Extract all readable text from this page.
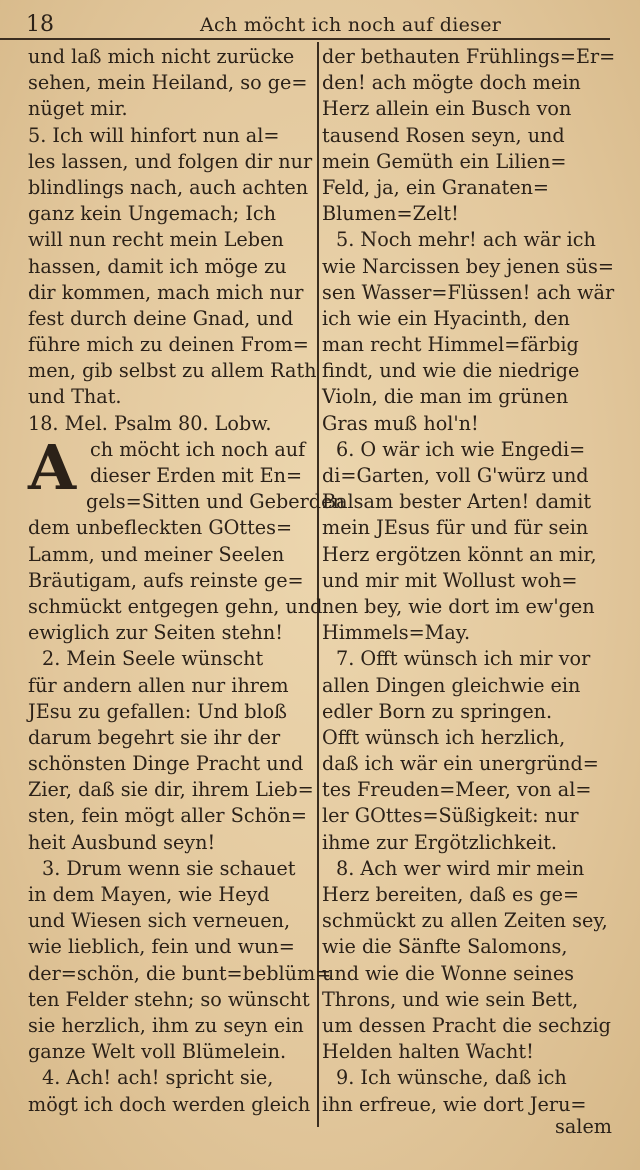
18	Ach möcht ich noch auf dieser
und laß mich nicht zurücke
sehen, mein Heiland, so ge=
nüget mir.
5. Ich will hinfort nun al=
les lassen, und folgen dir nur
blindlings nach, auch achten
ganz kein Ungemach; Ich
will nun recht mein Leben
hassen, damit ich möge zu
dir kommen, mach mich nur
fest durch deine Gnad, und
führe mich zu deinen From=
men, gib selbst zu allem Rath
und That.
18. Mel. Psalm 80. Lobw.
A ch möcht ich noch auf
dieser Erden mit En=
gels=Sitten und Geberden
dem unbefleckten GOttes=
Lamm, und meiner Seelen
Bräutigam, aufs reinste ge=
schmückt entgegen gehn, und
ewiglich zur Seiten stehn!
2. Mein Seele wünscht
für andern allen nur ihrem
JEsu zu gefallen: Und bloß
darum begehrt sie ihr der
schönsten Dinge Pracht und
Zier, daß sie dir, ihrem Lieb=
sten, fein mögt aller Schön=
heit Ausbund seyn!
3. Drum wenn sie schauet
in dem Mayen, wie Heyd
und Wiesen sich verneuen,
wie lieblich, fein und wun=
der=schön, die bunt=beblüm=
ten Felder stehn; so wünscht
sie herzlich, ihm zu seyn ein
ganze Welt voll Blümelein.
4. Ach! ach! spricht sie,
mögt ich doch werden gleich
der bethauten Frühlings=Er=
den! ach mögte doch mein
Herz allein ein Busch von
tausend Rosen seyn, und
mein Gemüth ein Lilien=
Feld, ja, ein Granaten=
Blumen=Zelt!
5. Noch mehr! ach wär ich
wie Narcissen bey jenen süs=
sen Wasser=Flüssen! ach wär
ich wie ein Hyacinth, den
man recht Himmel=färbig
findt, und wie die niedrige
Violn, die man im grünen
Gras muß hol'n!
6. O wär ich wie Engedi=
di=Garten, voll G'würz und
Balsam bester Arten! damit
mein JEsus für und für sein
Herz ergötzen könnt an mir,
und mir mit Wollust woh=
nen bey, wie dort im ew'gen
Himmels=May.
7. Offt wünsch ich mir vor
allen Dingen gleichwie ein
edler Born zu springen.
Offt wünsch ich herzlich,
daß ich wär ein unergründ=
tes Freuden=Meer, von al=
ler GOttes=Süßigkeit: nur
ihme zur Ergötzlichkeit.
8. Ach wer wird mir mein
Herz bereiten, daß es ge=
schmückt zu allen Zeiten sey,
wie die Sänfte Salomons,
und wie die Wonne seines
Throns, und wie sein Bett,
um dessen Pracht die sechzig
Helden halten Wacht!
9. Ich wünsche, daß ich
ihn erfreue, wie dort Jeru=
salem
